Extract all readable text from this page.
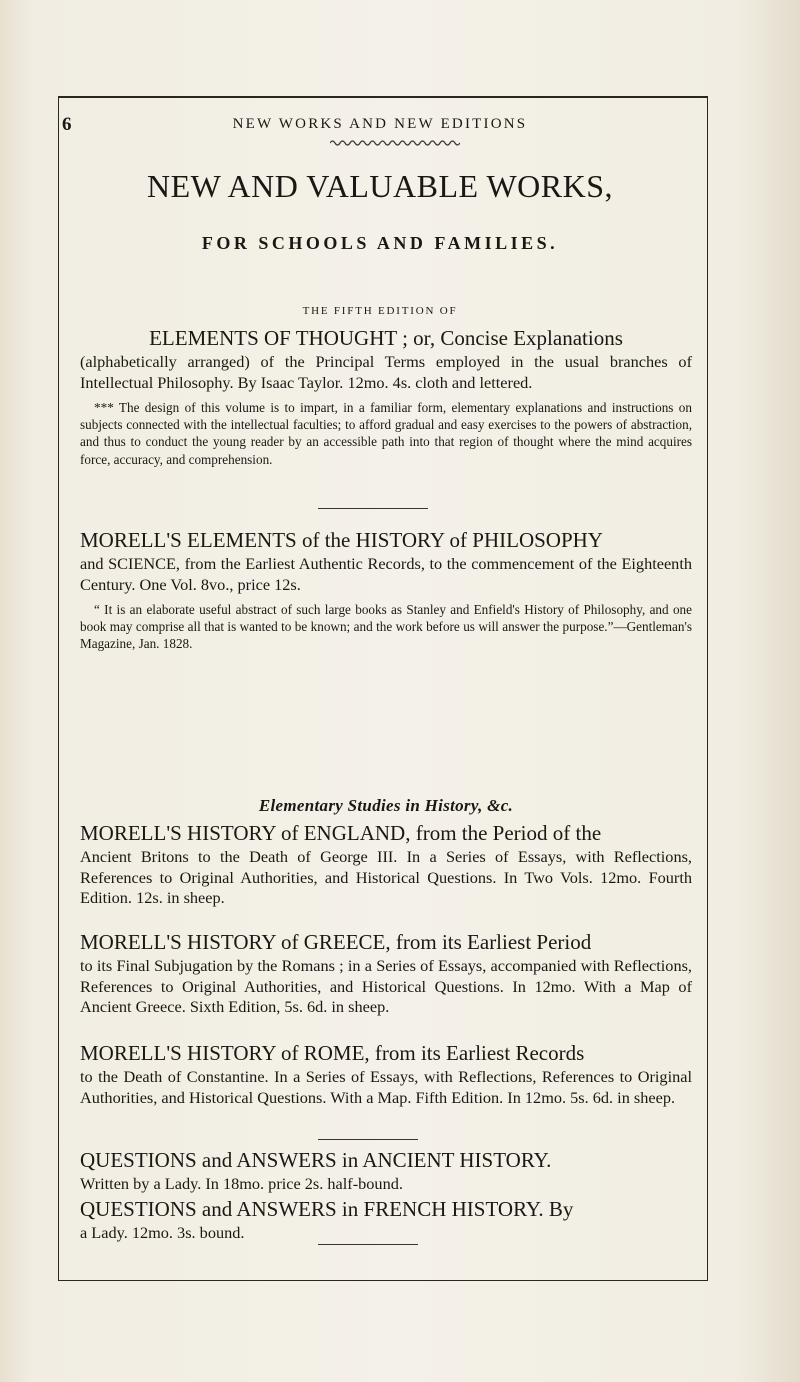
6	NEW WORKS AND NEW EDITIONS
NEW AND VALUABLE WORKS,
FOR SCHOOLS AND FAMILIES.
THE FIFTH EDITION OF
ELEMENTS OF THOUGHT ; or, Concise Explanations
(alphabetically arranged) of the Principal Terms employed in the usual branches of Intellectual Philosophy. By Isaac Taylor. 12mo. 4s. cloth and lettered.
*** The design of this volume is to impart, in a familiar form, elementary explanations and instructions on subjects connected with the intellectual faculties; to afford gradual and easy exercises to the powers of abstraction, and thus to conduct the young reader by an accessible path into that region of thought where the mind acquires force, accuracy, and comprehension.
MORELL'S ELEMENTS of the HISTORY of PHILOSOPHY
and SCIENCE, from the Earliest Authentic Records, to the commencement of the Eighteenth Century. One Vol. 8vo., price 12s.
“ It is an elaborate useful abstract of such large books as Stanley and Enfield's History of Philosophy, and one book may comprise all that is wanted to be known; and the work before us will answer the purpose.”—Gentleman's Magazine, Jan. 1828.
Elementary Studies in History, &c.
MORELL'S HISTORY of ENGLAND, from the Period of the
Ancient Britons to the Death of George III. In a Series of Essays, with Reflections, References to Original Authorities, and Historical Questions. In Two Vols. 12mo. Fourth Edition. 12s. in sheep.
MORELL'S HISTORY of GREECE, from its Earliest Period
to its Final Subjugation by the Romans ; in a Series of Essays, accompanied with Reflections, References to Original Authorities, and Historical Questions. In 12mo. With a Map of Ancient Greece. Sixth Edition, 5s. 6d. in sheep.
MORELL'S HISTORY of ROME, from its Earliest Records
to the Death of Constantine. In a Series of Essays, with Reflections, References to Original Authorities, and Historical Questions. With a Map. Fifth Edition. In 12mo. 5s. 6d. in sheep.
QUESTIONS and ANSWERS in ANCIENT HISTORY.
Written by a Lady. In 18mo. price 2s. half-bound.
QUESTIONS and ANSWERS in FRENCH HISTORY. By
a Lady. 12mo. 3s. bound.
